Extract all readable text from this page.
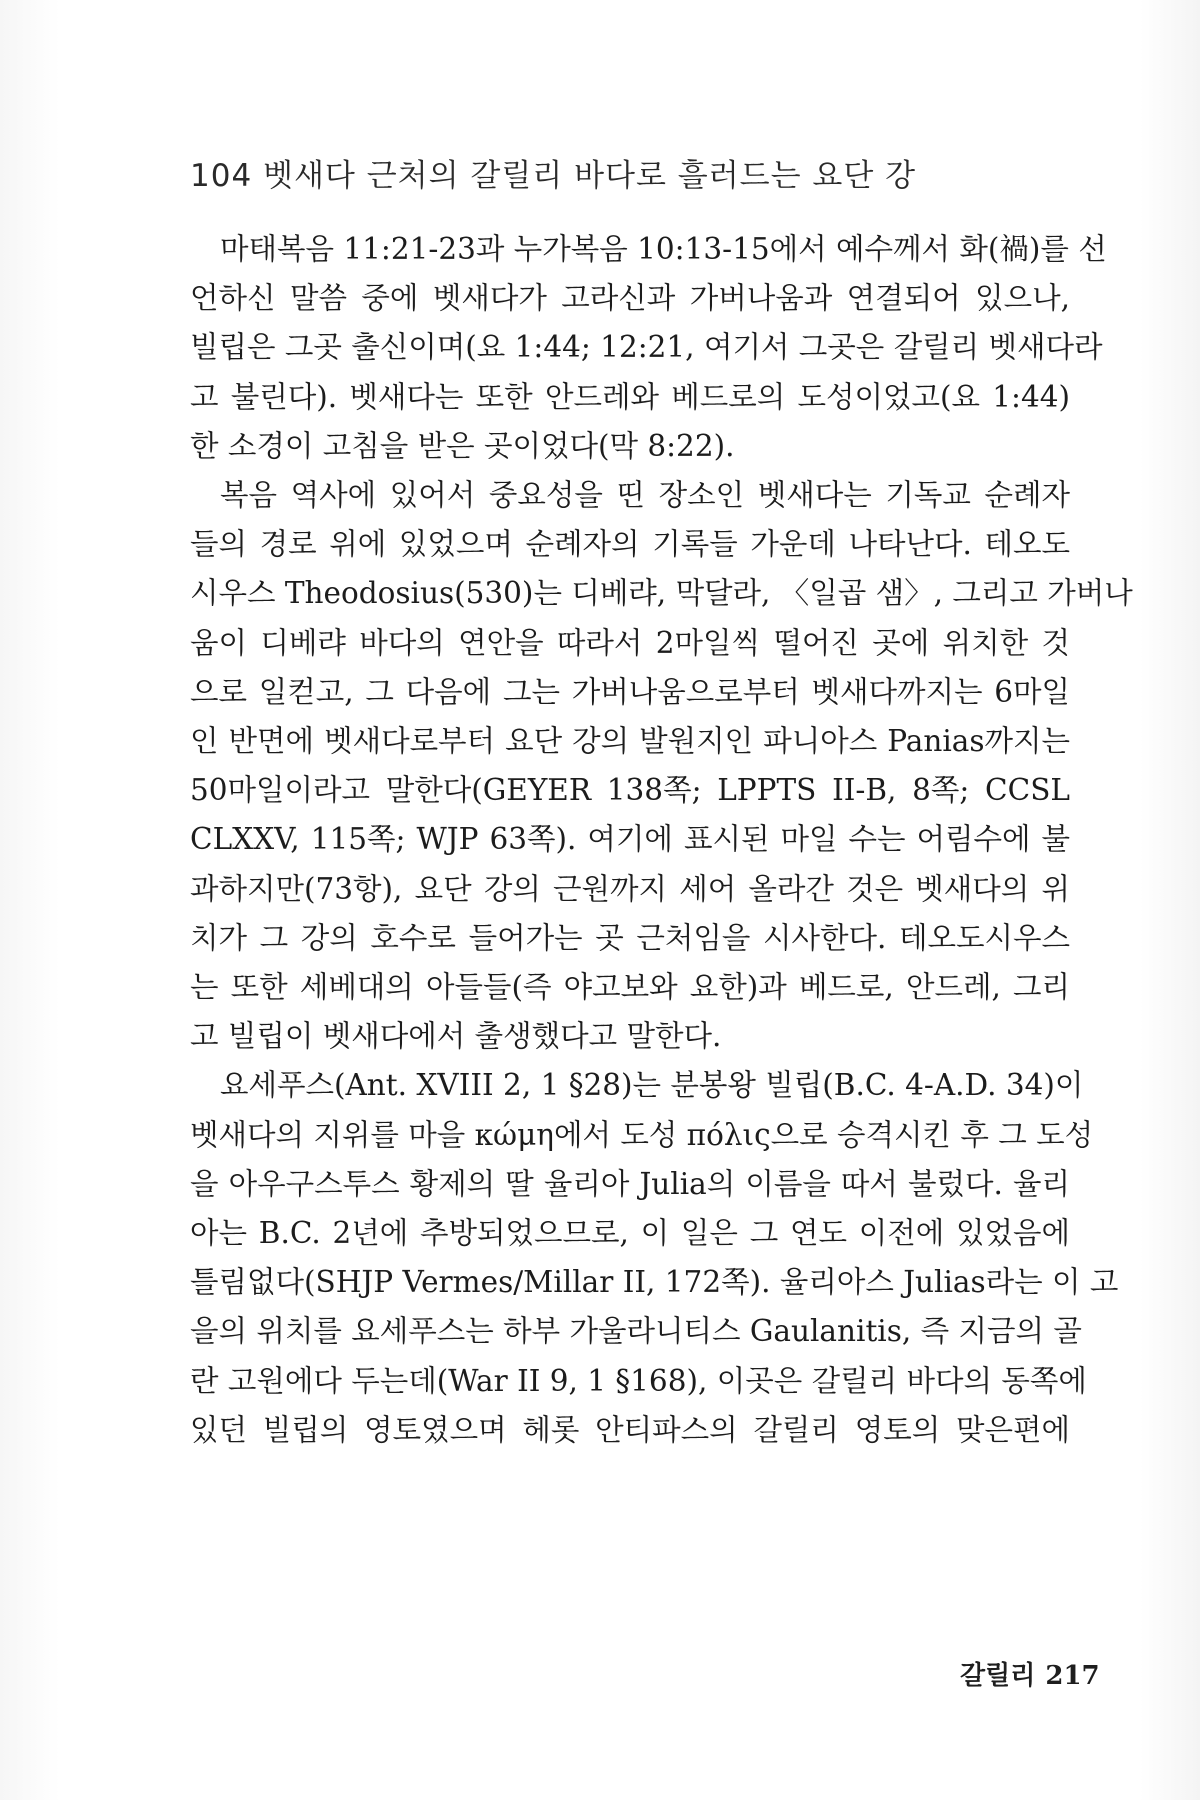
104 벳새다 근처의 갈릴리 바다로 흘러드는 요단 강

마태복음 11:21-23과 누가복음 10:13-15에서 예수께서 화(禍)를 선
언하신 말씀 중에 벳새다가 고라신과 가버나움과 연결되어 있으나,
빌립은 그곳 출신이며(요 1:44; 12:21, 여기서 그곳은 갈릴리 벳새다라
고 불린다). 벳새다는 또한 안드레와 베드로의 도성이었고(요 1:44)
한 소경이 고침을 받은 곳이었다(막 8:22).

복음 역사에 있어서 중요성을 띤 장소인 벳새다는 기독교 순례자
들의 경로 위에 있었으며 순례자의 기록들 가운데 나타난다. 테오도
시우스 Theodosius(530)는 디베랴, 막달라, 〈일곱 샘〉, 그리고 가버나
움이 디베랴 바다의 연안을 따라서 2마일씩 떨어진 곳에 위치한 것
으로 일컫고, 그 다음에 그는 가버나움으로부터 벳새다까지는 6마일
인 반면에 벳새다로부터 요단 강의 발원지인 파니아스 Panias까지는
50마일이라고 말한다(GEYER 138쪽; LPPTS II-B, 8쪽; CCSL
CLXXV, 115쪽; WJP 63쪽). 여기에 표시된 마일 수는 어림수에 불
과하지만(73항), 요단 강의 근원까지 세어 올라간 것은 벳새다의 위
치가 그 강의 호수로 들어가는 곳 근처임을 시사한다. 테오도시우스
는 또한 세베대의 아들들(즉 야고보와 요한)과 베드로, 안드레, 그리
고 빌립이 벳새다에서 출생했다고 말한다.

요세푸스(Ant. XVIII 2, 1 §28)는 분봉왕 빌립(B.C. 4-A.D. 34)이
벳새다의 지위를 마을 κώμη에서 도성 πόλις으로 승격시킨 후 그 도성
을 아우구스투스 황제의 딸 율리아 Julia의 이름을 따서 불렀다. 율리
아는 B.C. 2년에 추방되었으므로, 이 일은 그 연도 이전에 있었음에
틀림없다(SHJP Vermes/Millar II, 172쪽). 율리아스 Julias라는 이 고
을의 위치를 요세푸스는 하부 가울라니티스 Gaulanitis, 즉 지금의 골
란 고원에다 두는데(War II 9, 1 §168), 이곳은 갈릴리 바다의 동쪽에
있던 빌립의 영토였으며 헤롯 안티파스의 갈릴리 영토의 맞은편에

갈릴리 217
